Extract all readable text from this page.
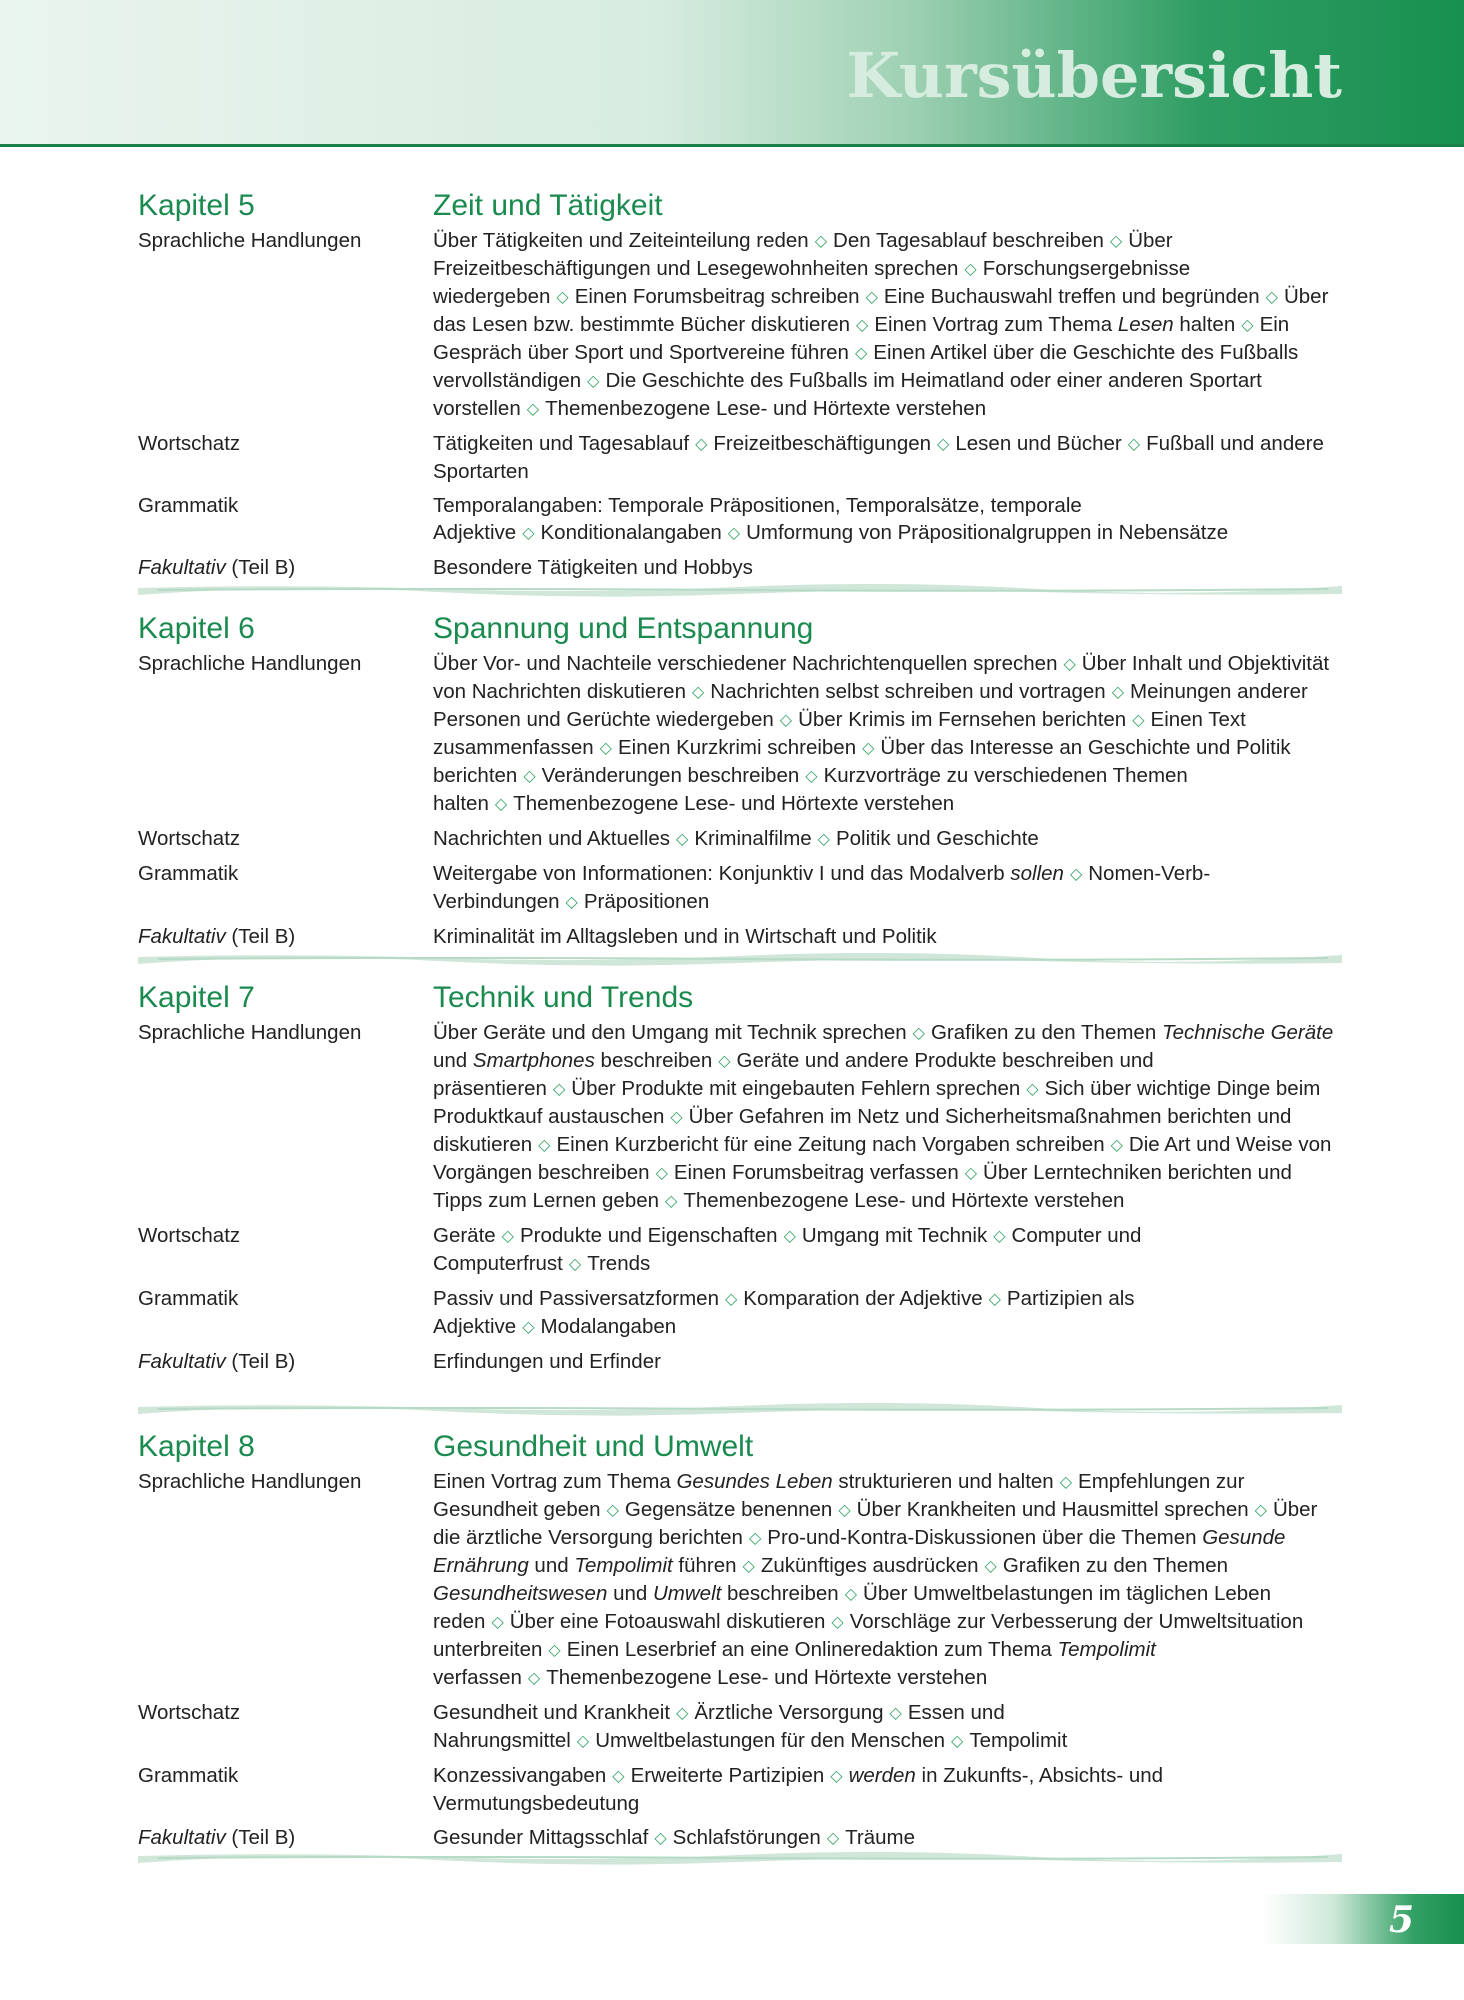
Kursübersicht
Kapitel 5	Zeit und Tätigkeit
Sprachliche Handlungen	Über Tätigkeiten und Zeiteinteilung reden ◇ Den Tagesablauf beschreiben ◇ Über Freizeitbeschäftigungen und Lesegewohnheiten sprechen ◇ Forschungsergebnisse wiedergeben ◇ Einen Forumsbeitrag schreiben ◇ Eine Buchauswahl treffen und begründen ◇ Über das Lesen bzw. bestimmte Bücher diskutieren ◇ Einen Vortrag zum Thema Lesen halten ◇ Ein Gespräch über Sport und Sportvereine führen ◇ Einen Artikel über die Geschichte des Fußballs vervollständigen ◇ Die Geschichte des Fußballs im Heimatland oder einer anderen Sportart vorstellen ◇ Themenbezogene Lese- und Hörtexte verstehen
Wortschatz	Tätigkeiten und Tagesablauf ◇ Freizeitbeschäftigungen ◇ Lesen und Bücher ◇ Fußball und andere Sportarten
Grammatik	Temporalangaben: Temporale Präpositionen, Temporalsätze, temporale Adjektive ◇ Konditionalangaben ◇ Umformung von Präpositionalgruppen in Nebensätze
Fakultativ (Teil B)	Besondere Tätigkeiten und Hobbys
Kapitel 6	Spannung und Entspannung
Sprachliche Handlungen	Über Vor- und Nachteile verschiedener Nachrichtenquellen sprechen ◇ Über Inhalt und Objektivität von Nachrichten diskutieren ◇ Nachrichten selbst schreiben und vortragen ◇ Meinungen anderer Personen und Gerüchte wiedergeben ◇ Über Krimis im Fernsehen berichten ◇ Einen Text zusammenfassen ◇ Einen Kurzkrimi schreiben ◇ Über das Interesse an Geschichte und Politik berichten ◇ Veränderungen beschreiben ◇ Kurzvorträge zu verschiedenen Themen halten ◇ Themenbezogene Lese- und Hörtexte verstehen
Wortschatz	Nachrichten und Aktuelles ◇ Kriminalfilme ◇ Politik und Geschichte
Grammatik	Weitergabe von Informationen: Konjunktiv I und das Modalverb sollen ◇ Nomen-Verb-Verbindungen ◇ Präpositionen
Fakultativ (Teil B)	Kriminalität im Alltagsleben und in Wirtschaft und Politik
Kapitel 7	Technik und Trends
Sprachliche Handlungen	Über Geräte und den Umgang mit Technik sprechen ◇ Grafiken zu den Themen Technische Geräte und Smartphones beschreiben ◇ Geräte und andere Produkte beschreiben und präsentieren ◇ Über Produkte mit eingebauten Fehlern sprechen ◇ Sich über wichtige Dinge beim Produktkauf austauschen ◇ Über Gefahren im Netz und Sicherheitsmaßnahmen berichten und diskutieren ◇ Einen Kurzbericht für eine Zeitung nach Vorgaben schreiben ◇ Die Art und Weise von Vorgängen beschreiben ◇ Einen Forumsbeitrag verfassen ◇ Über Lerntechniken berichten und Tipps zum Lernen geben ◇ Themenbezogene Lese- und Hörtexte verstehen
Wortschatz	Geräte ◇ Produkte und Eigenschaften ◇ Umgang mit Technik ◇ Computer und Computerfrust ◇ Trends
Grammatik	Passiv und Passiversatzformen ◇ Komparation der Adjektive ◇ Partizipien als Adjektive ◇ Modalangaben
Fakultativ (Teil B)	Erfindungen und Erfinder
Kapitel 8	Gesundheit und Umwelt
Sprachliche Handlungen	Einen Vortrag zum Thema Gesundes Leben strukturieren und halten ◇ Empfehlungen zur Gesundheit geben ◇ Gegensätze benennen ◇ Über Krankheiten und Hausmittel sprechen ◇ Über die ärztliche Versorgung berichten ◇ Pro-und-Kontra-Diskussionen über die Themen Gesunde Ernährung und Tempolimit führen ◇ Zukünftiges ausdrücken ◇ Grafiken zu den Themen Gesundheitswesen und Umwelt beschreiben ◇ Über Umweltbelastungen im täglichen Leben reden ◇ Über eine Fotoauswahl diskutieren ◇ Vorschläge zur Verbesserung der Umweltsituation unterbreiten ◇ Einen Leserbrief an eine Onlineredaktion zum Thema Tempolimit verfassen ◇ Themenbezogene Lese- und Hörtexte verstehen
Wortschatz	Gesundheit und Krankheit ◇ Ärztliche Versorgung ◇ Essen und Nahrungsmittel ◇ Umweltbelastungen für den Menschen ◇ Tempolimit
Grammatik	Konzessivangaben ◇ Erweiterte Partizipien ◇ werden in Zukunfts-, Absichts- und Vermutungsbedeutung
Fakultativ (Teil B)	Gesunder Mittagsschlaf ◇ Schlafstörungen ◇ Träume
5
